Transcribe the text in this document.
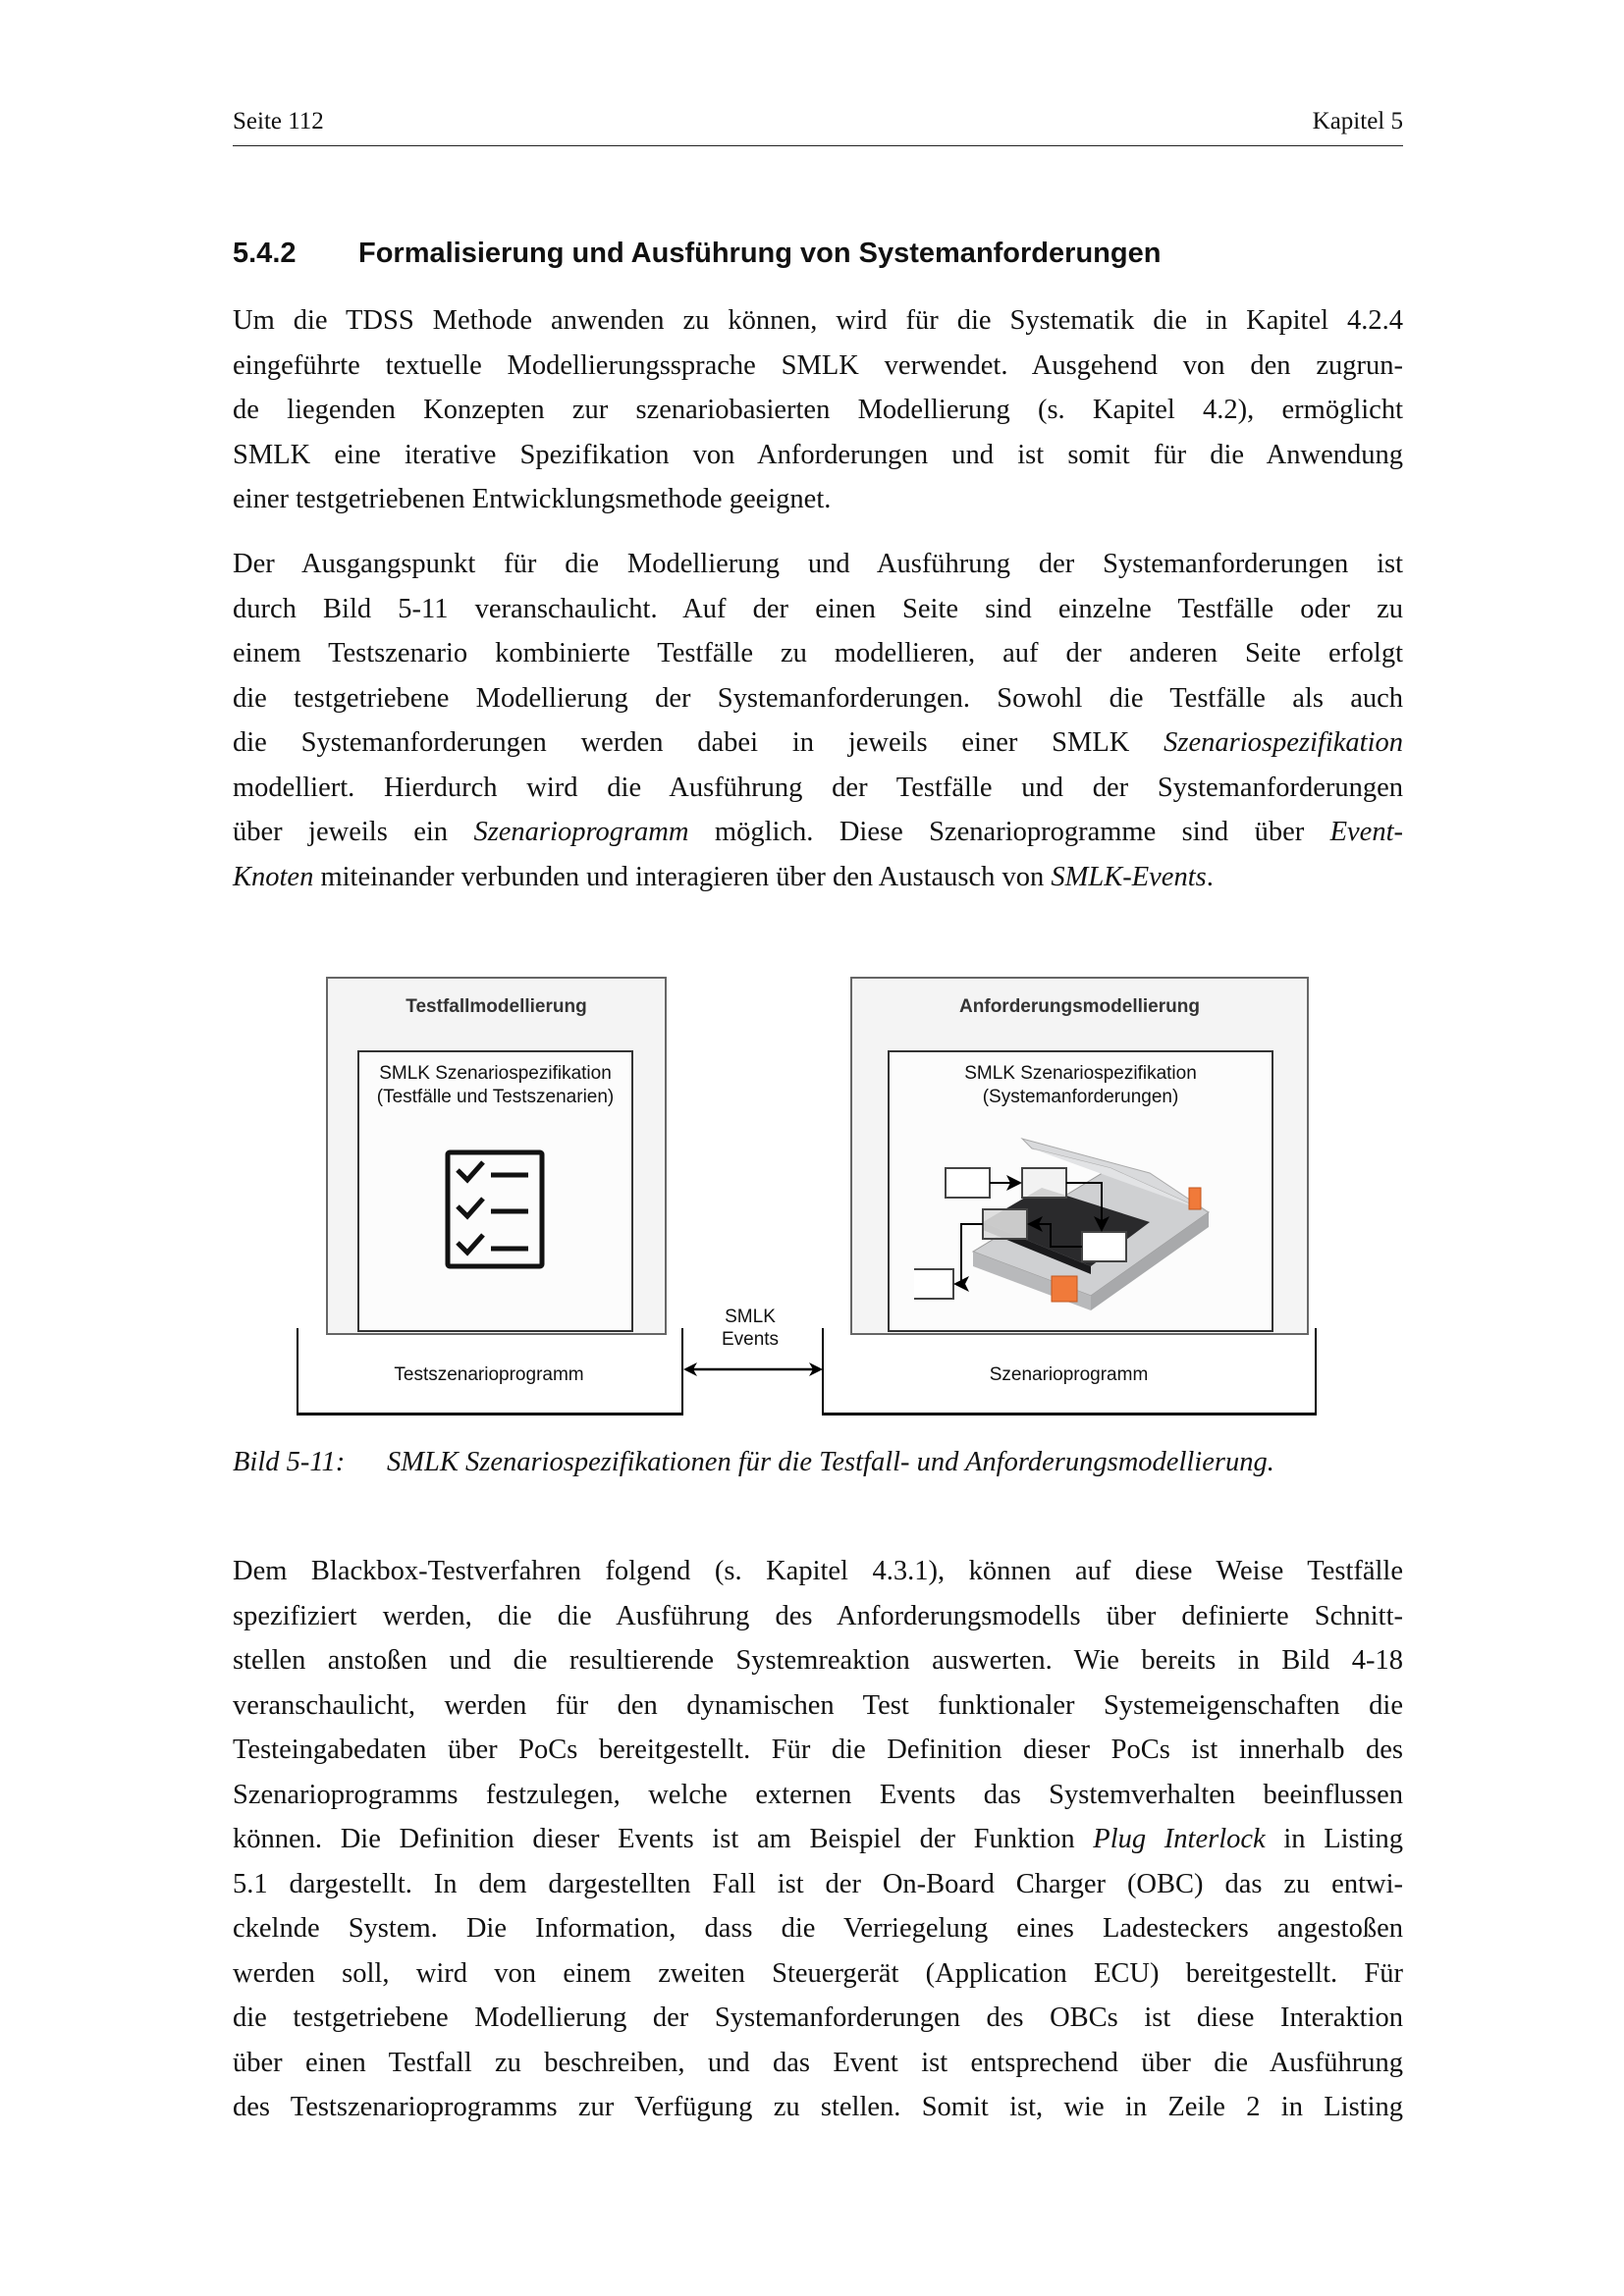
Seite 112	Kapitel 5
5.4.2 Formalisierung und Ausführung von Systemanforderungen

Um die TDSS Methode anwenden zu können, wird für die Systematik die in Kapitel 4.2.4
eingeführte textuelle Modellierungssprache SMLK verwendet. Ausgehend von den zugrun-
de liegenden Konzepten zur szenariobasierten Modellierung (s. Kapitel 4.2), ermöglicht
SMLK eine iterative Spezifikation von Anforderungen und ist somit für die Anwendung
einer testgetriebenen Entwicklungsmethode geeignet.

Der Ausgangspunkt für die Modellierung und Ausführung der Systemanforderungen ist
durch Bild 5-11 veranschaulicht. Auf der einen Seite sind einzelne Testfälle oder zu
einem Testszenario kombinierte Testfälle zu modellieren, auf der anderen Seite erfolgt
die testgetriebene Modellierung der Systemanforderungen. Sowohl die Testfälle als auch
die Systemanforderungen werden dabei in jeweils einer SMLK Szenariospezifikation
modelliert. Hierdurch wird die Ausführung der Testfälle und der Systemanforderungen
über jeweils ein Szenarioprogramm möglich. Diese Szenarioprogramme sind über Event-
Knoten miteinander verbunden und interagieren über den Austausch von SMLK-Events.

Testszenarioprogramm	Szenarioprogramm
Testfallmodellierung
SMLK Szenariospezifikation
(Testfälle und Testszenarien)
Anforderungsmodellierung
SMLK Szenariospezifikation
(Systemanforderungen)
SMLK
Events
Bild 5-11: SMLK Szenariospezifikationen für die Testfall- und Anforderungsmodellierung.

Dem Blackbox-Testverfahren folgend (s. Kapitel 4.3.1), können auf diese Weise Testfälle
spezifiziert werden, die die Ausführung des Anforderungsmodells über definierte Schnitt-
stellen anstoßen und die resultierende Systemreaktion auswerten. Wie bereits in Bild 4-18
veranschaulicht, werden für den dynamischen Test funktionaler Systemeigenschaften die
Testeingabedaten über PoCs bereitgestellt. Für die Definition dieser PoCs ist innerhalb des
Szenarioprogramms festzulegen, welche externen Events das Systemverhalten beeinflussen
können. Die Definition dieser Events ist am Beispiel der Funktion Plug Interlock in Listing
5.1 dargestellt. In dem dargestellten Fall ist der On-Board Charger (OBC) das zu entwi-
ckelnde System. Die Information, dass die Verriegelung eines Ladesteckers angestoßen
werden soll, wird von einem zweiten Steuergerät (Application ECU) bereitgestellt. Für
die testgetriebene Modellierung der Systemanforderungen des OBCs ist diese Interaktion
über einen Testfall zu beschreiben, und das Event ist entsprechend über die Ausführung
des Testszenarioprogramms zur Verfügung zu stellen. Somit ist, wie in Zeile 2 in Listing
